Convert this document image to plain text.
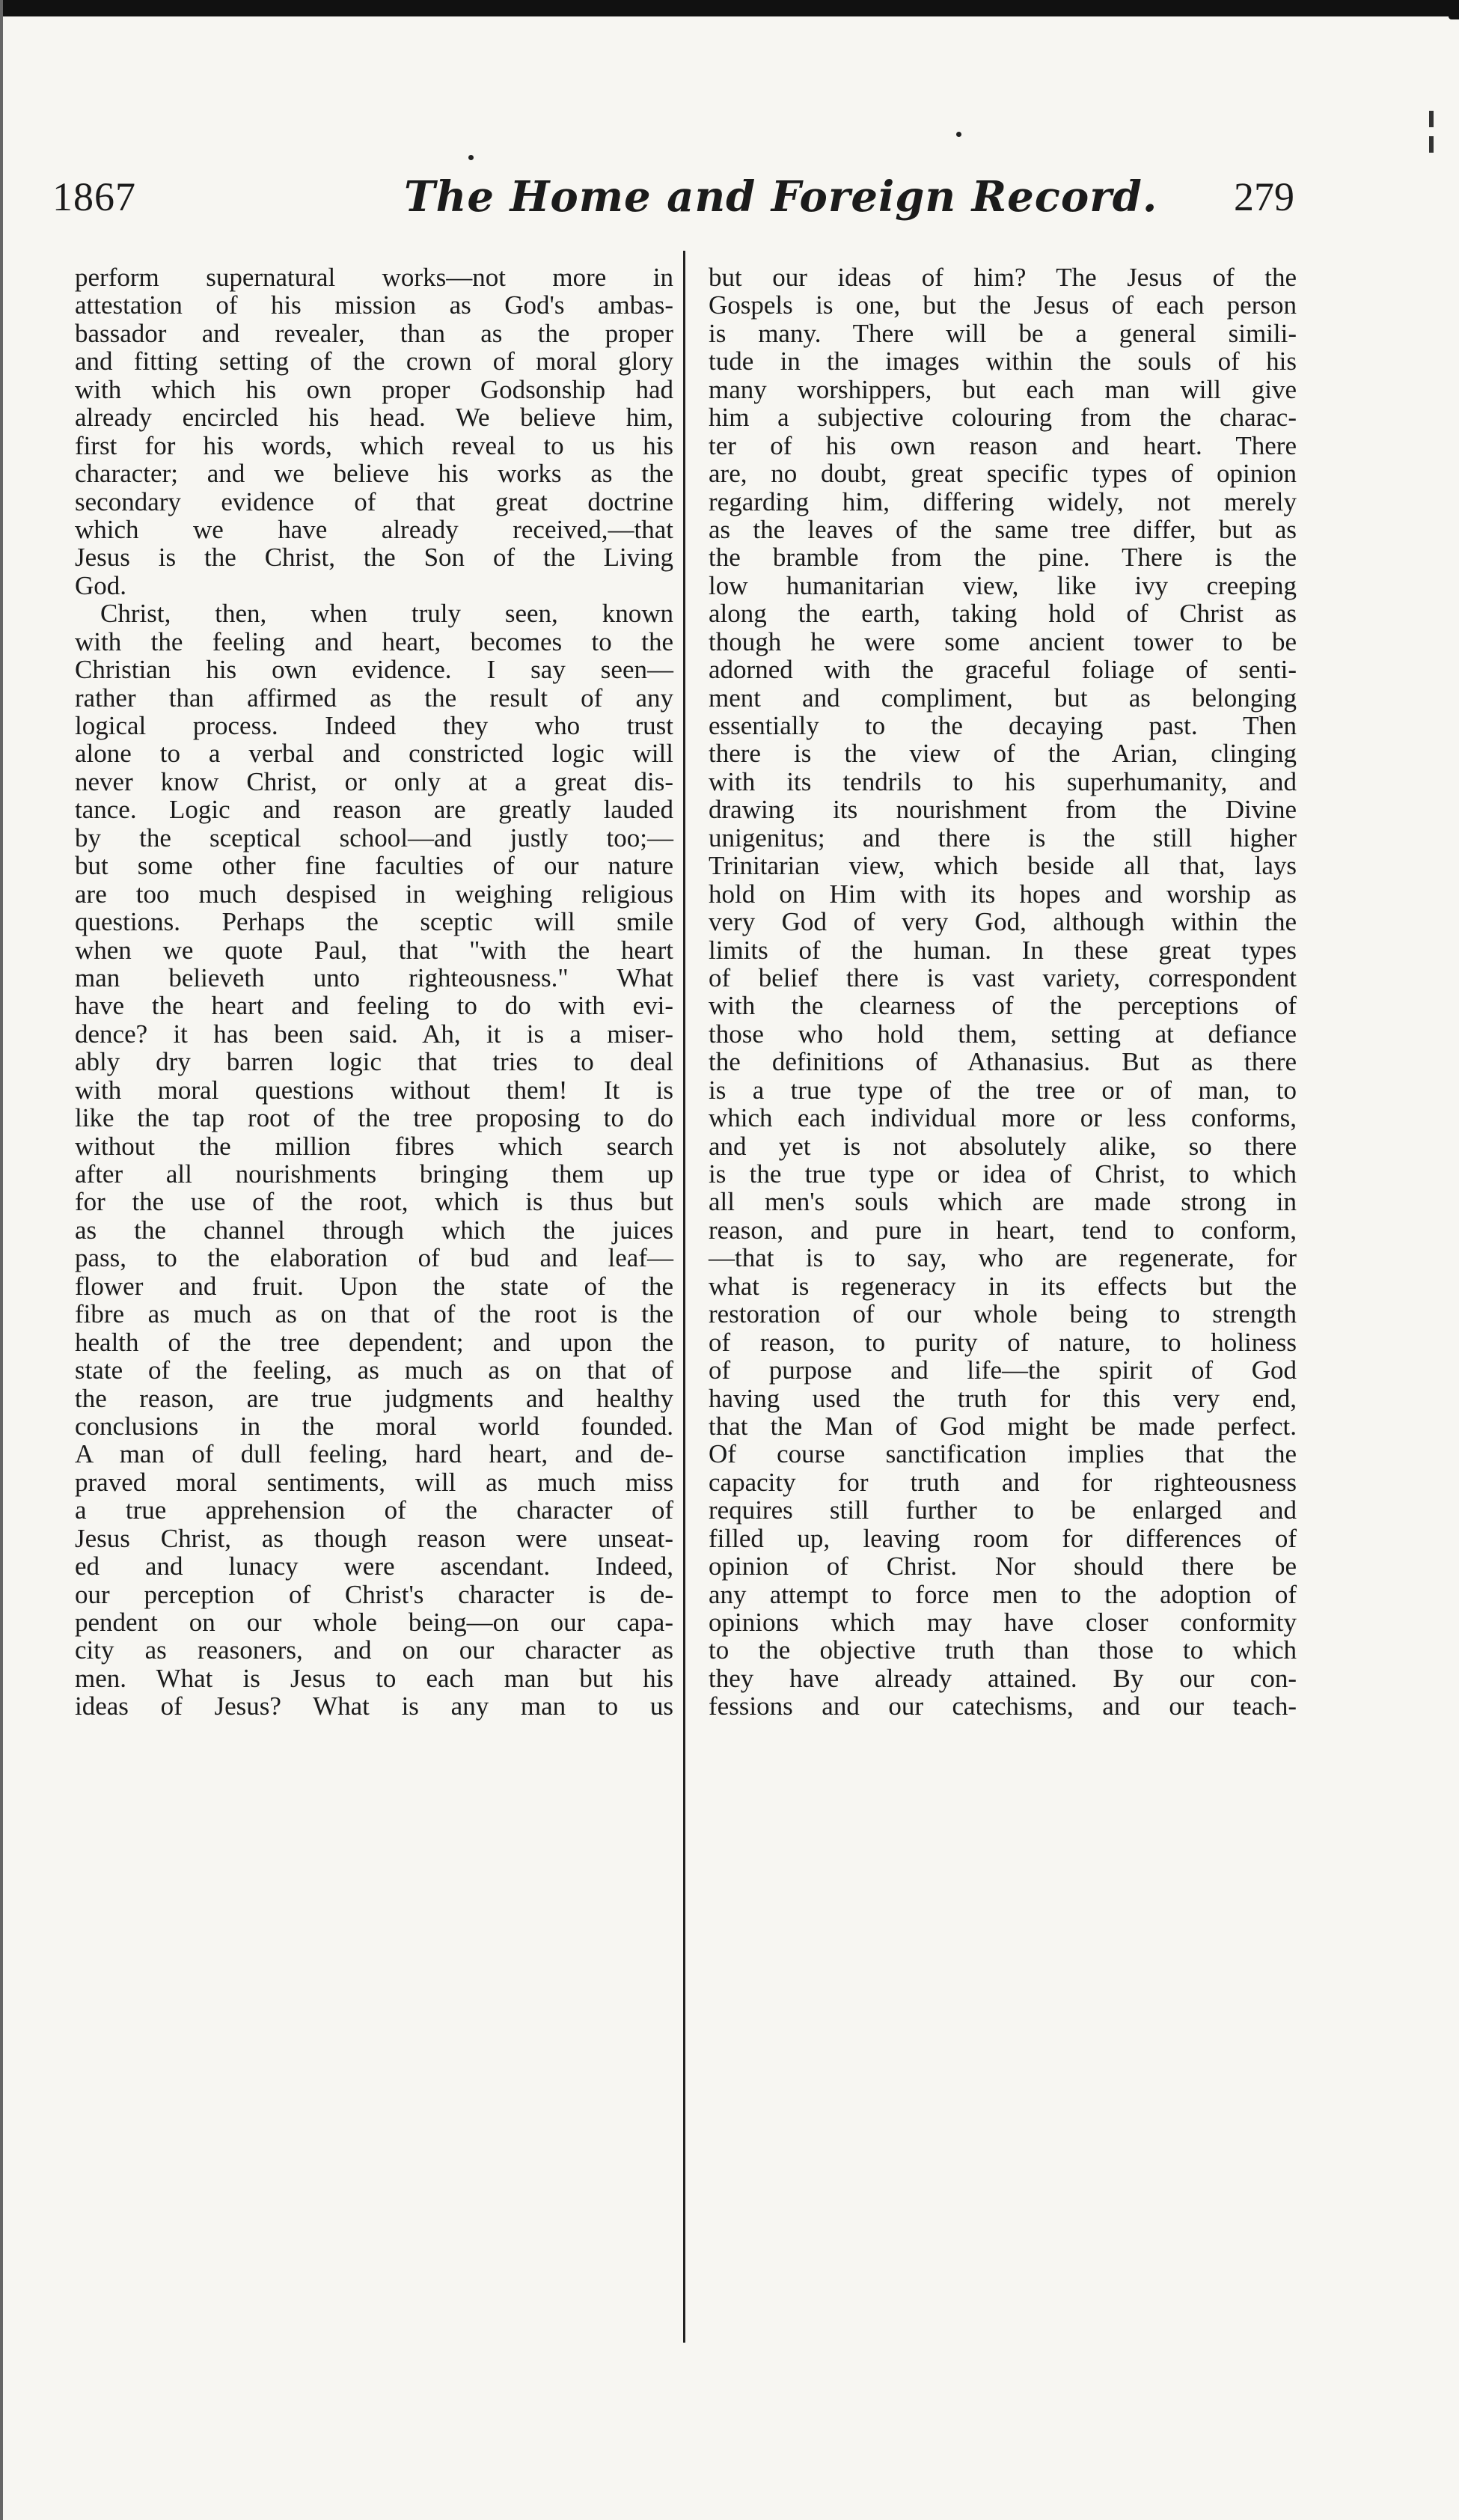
1867	The Home and Foreign Record. 279
perform supernatural works—not more in
attestation of his mission as God's ambas-
bassador and revealer, than as the proper
and fitting setting of the crown of moral glory
with which his own proper Godsonship had
already encircled his head. We believe him,
first for his words, which reveal to us his
character; and we believe his works as the
secondary evidence of that great doctrine
which we have already received,—that
Jesus is the Christ, the Son of the Living
God.
Christ, then, when truly seen, known
with the feeling and heart, becomes to the
Christian his own evidence. I say seen—
rather than affirmed as the result of any
logical process. Indeed they who trust
alone to a verbal and constricted logic will
never know Christ, or only at a great dis-
tance. Logic and reason are greatly lauded
by the sceptical school—and justly too;—
but some other fine faculties of our nature
are too much despised in weighing religious
questions. Perhaps the sceptic will smile
when we quote Paul, that "with the heart
man believeth unto righteousness." What
have the heart and feeling to do with evi-
dence? it has been said. Ah, it is a miser-
ably dry barren logic that tries to deal
with moral questions without them! It is
like the tap root of the tree proposing to do
without the million fibres which search
after all nourishments bringing them up
for the use of the root, which is thus but
as the channel through which the juices
pass, to the elaboration of bud and leaf—
flower and fruit. Upon the state of the
fibre as much as on that of the root is the
health of the tree dependent; and upon the
state of the feeling, as much as on that of
the reason, are true judgments and healthy
conclusions in the moral world founded.
A man of dull feeling, hard heart, and de-
praved moral sentiments, will as much miss
a true apprehension of the character of
Jesus Christ, as though reason were unseat-
ed and lunacy were ascendant. Indeed,
our perception of Christ's character is de-
pendent on our whole being—on our capa-
city as reasoners, and on our character as
men. What is Jesus to each man but his
ideas of Jesus? What is any man to us
but our ideas of him? The Jesus of the
Gospels is one, but the Jesus of each person
is many. There will be a general simili-
tude in the images within the souls of his
many worshippers, but each man will give
him a subjective colouring from the charac-
ter of his own reason and heart. There
are, no doubt, great specific types of opinion
regarding him, differing widely, not merely
as the leaves of the same tree differ, but as
the bramble from the pine. There is the
low humanitarian view, like ivy creeping
along the earth, taking hold of Christ as
though he were some ancient tower to be
adorned with the graceful foliage of senti-
ment and compliment, but as belonging
essentially to the decaying past. Then
there is the view of the Arian, clinging
with its tendrils to his superhumanity, and
drawing its nourishment from the Divine
unigenitus; and there is the still higher
Trinitarian view, which beside all that, lays
hold on Him with its hopes and worship as
very God of very God, although within the
limits of the human. In these great types
of belief there is vast variety, correspondent
with the clearness of the perceptions of
those who hold them, setting at defiance
the definitions of Athanasius. But as there
is a true type of the tree or of man, to
which each individual more or less conforms,
and yet is not absolutely alike, so there
is the true type or idea of Christ, to which
all men's souls which are made strong in
reason, and pure in heart, tend to conform,
—that is to say, who are regenerate, for
what is regeneracy in its effects but the
restoration of our whole being to strength
of reason, to purity of nature, to holiness
of purpose and life—the spirit of God
having used the truth for this very end,
that the Man of God might be made perfect.
Of course sanctification implies that the
capacity for truth and for righteousness
requires still further to be enlarged and
filled up, leaving room for differences of
opinion of Christ. Nor should there be
any attempt to force men to the adoption of
opinions which may have closer conformity
to the objective truth than those to which
they have already attained. By our con-
fessions and our catechisms, and our teach-
